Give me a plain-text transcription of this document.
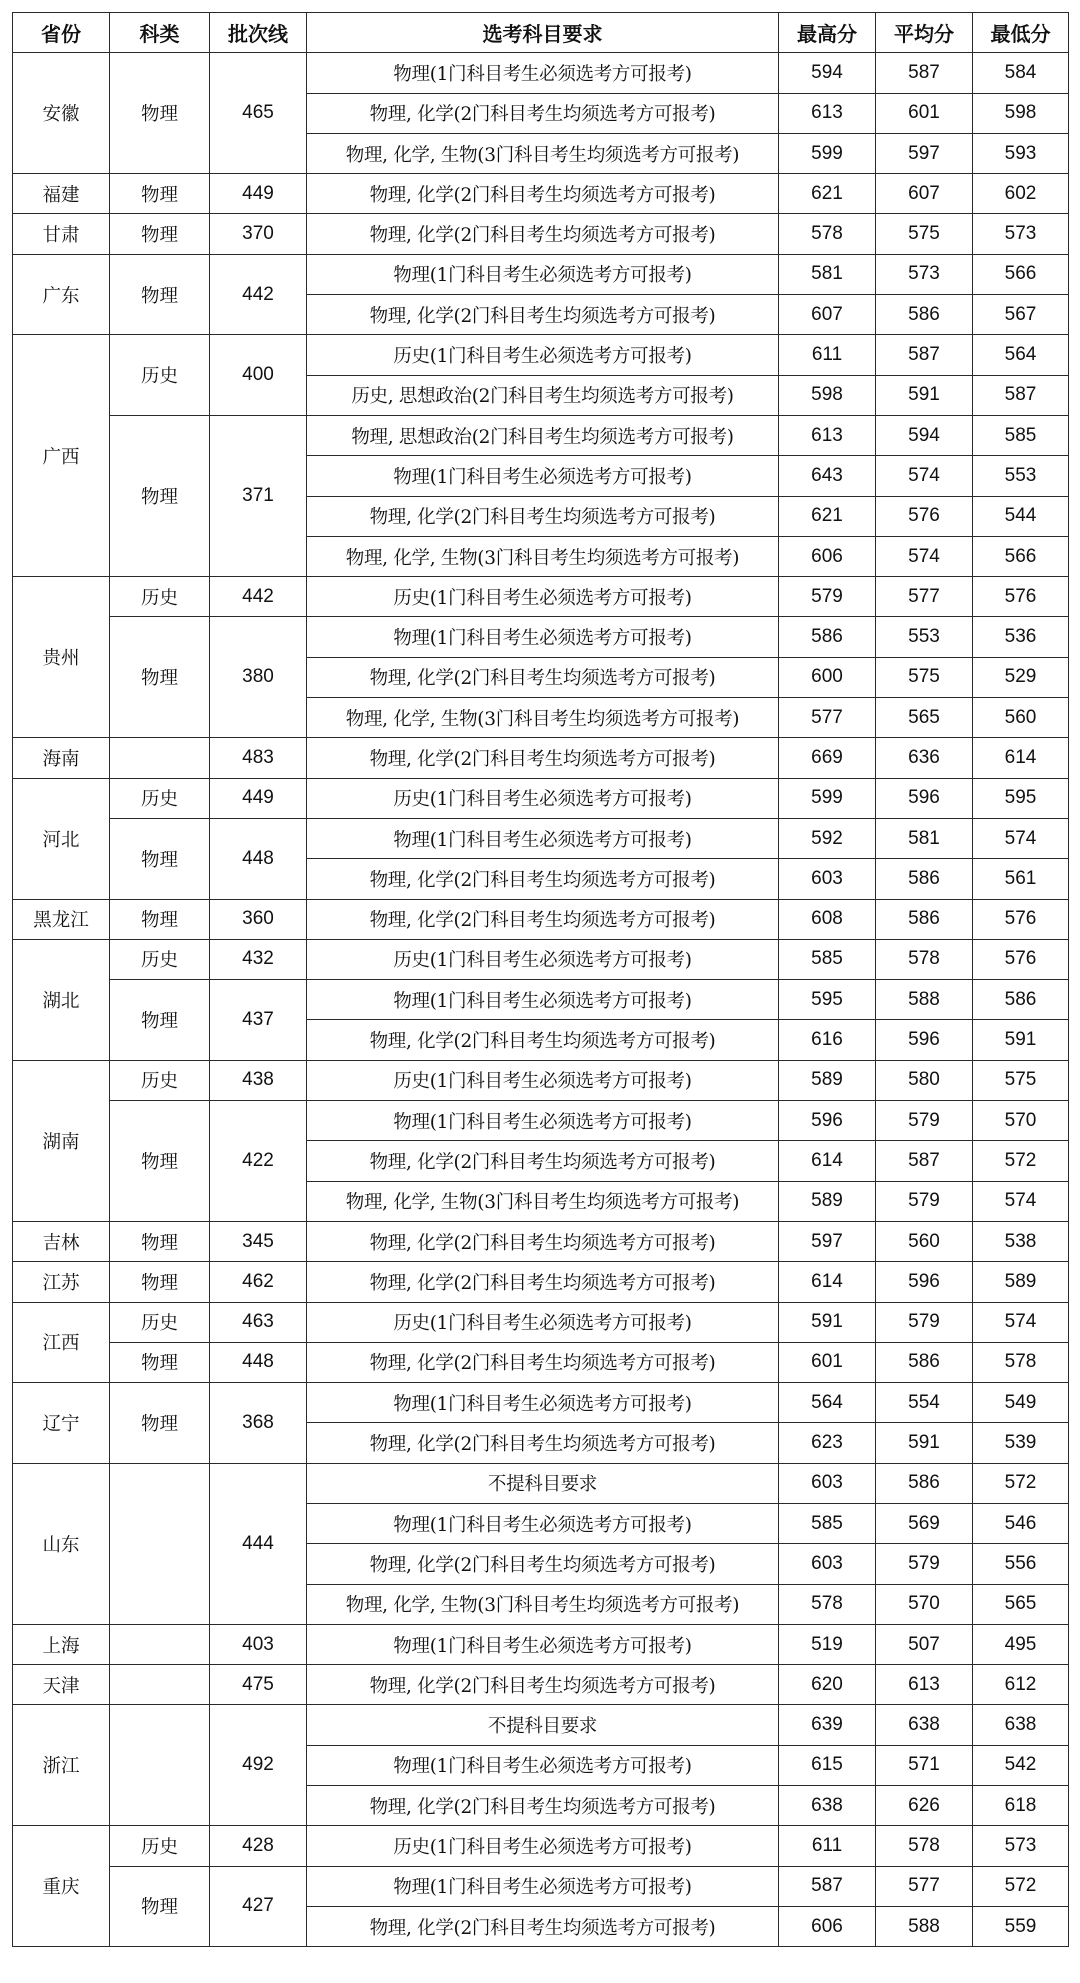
省份	科类	批次线	选考科目要求	最高分	平均分	最低分
安徽	物理	465	物理(1门科目考生必须选考方可报考)	594	587	584
			物理, 化学(2门科目考生均须选考方可报考)	613	601	598
			物理, 化学, 生物(3门科目考生均须选考方可报考)	599	597	593
福建	物理	449	物理, 化学(2门科目考生均须选考方可报考)	621	607	602
甘肃	物理	370	物理, 化学(2门科目考生均须选考方可报考)	578	575	573
广东	物理	442	物理(1门科目考生必须选考方可报考)	581	573	566
			物理, 化学(2门科目考生均须选考方可报考)	607	586	567
广西	历史	400	历史(1门科目考生必须选考方可报考)	611	587	564
			历史, 思想政治(2门科目考生均须选考方可报考)	598	591	587
	物理	371	物理, 思想政治(2门科目考生均须选考方可报考)	613	594	585
			物理(1门科目考生必须选考方可报考)	643	574	553
			物理, 化学(2门科目考生均须选考方可报考)	621	576	544
			物理, 化学, 生物(3门科目考生均须选考方可报考)	606	574	566
贵州	历史	442	历史(1门科目考生必须选考方可报考)	579	577	576
	物理	380	物理(1门科目考生必须选考方可报考)	586	553	536
			物理, 化学(2门科目考生均须选考方可报考)	600	575	529
			物理, 化学, 生物(3门科目考生均须选考方可报考)	577	565	560
海南		483	物理, 化学(2门科目考生均须选考方可报考)	669	636	614
河北	历史	449	历史(1门科目考生必须选考方可报考)	599	596	595
	物理	448	物理(1门科目考生必须选考方可报考)	592	581	574
			物理, 化学(2门科目考生均须选考方可报考)	603	586	561
黑龙江	物理	360	物理, 化学(2门科目考生均须选考方可报考)	608	586	576
湖北	历史	432	历史(1门科目考生必须选考方可报考)	585	578	576
	物理	437	物理(1门科目考生必须选考方可报考)	595	588	586
			物理, 化学(2门科目考生均须选考方可报考)	616	596	591
湖南	历史	438	历史(1门科目考生必须选考方可报考)	589	580	575
	物理	422	物理(1门科目考生必须选考方可报考)	596	579	570
			物理, 化学(2门科目考生均须选考方可报考)	614	587	572
			物理, 化学, 生物(3门科目考生均须选考方可报考)	589	579	574
吉林	物理	345	物理, 化学(2门科目考生均须选考方可报考)	597	560	538
江苏	物理	462	物理, 化学(2门科目考生均须选考方可报考)	614	596	589
江西	历史	463	历史(1门科目考生必须选考方可报考)	591	579	574
	物理	448	物理, 化学(2门科目考生均须选考方可报考)	601	586	578
辽宁	物理	368	物理(1门科目考生必须选考方可报考)	564	554	549
			物理, 化学(2门科目考生均须选考方可报考)	623	591	539
山东		444	不提科目要求	603	586	572
			物理(1门科目考生必须选考方可报考)	585	569	546
			物理, 化学(2门科目考生均须选考方可报考)	603	579	556
			物理, 化学, 生物(3门科目考生均须选考方可报考)	578	570	565
上海		403	物理(1门科目考生必须选考方可报考)	519	507	495
天津		475	物理, 化学(2门科目考生均须选考方可报考)	620	613	612
浙江		492	不提科目要求	639	638	638
			物理(1门科目考生必须选考方可报考)	615	571	542
			物理, 化学(2门科目考生均须选考方可报考)	638	626	618
重庆	历史	428	历史(1门科目考生必须选考方可报考)	611	578	573
	物理	427	物理(1门科目考生必须选考方可报考)	587	577	572
			物理, 化学(2门科目考生均须选考方可报考)	606	588	559
